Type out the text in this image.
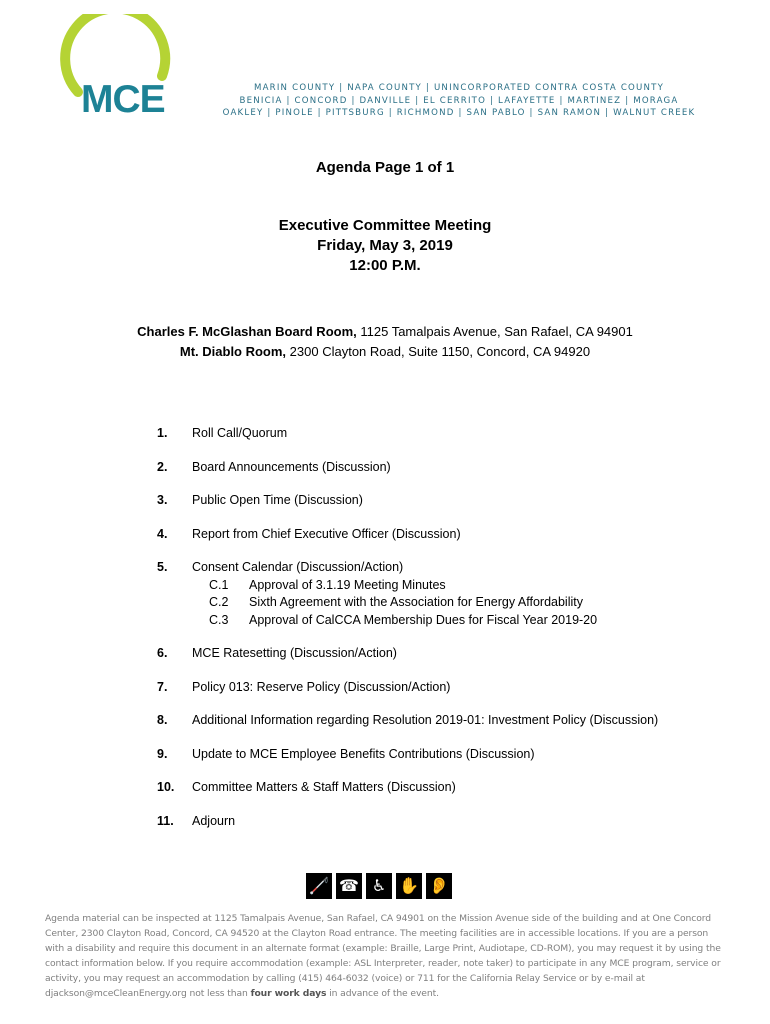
MCE	MARIN COUNTY | NAPA COUNTY | UNINCORPORATED CONTRA COSTA COUNTY
BENICIA | CONCORD | DANVILLE | EL CERRITO | LAFAYETTE | MARTINEZ | MORAGA
OAKLEY | PINOLE | PITTSBURG | RICHMOND | SAN PABLO | SAN RAMON | WALNUT CREEK
Agenda Page 1 of 1
Executive Committee Meeting
Friday, May 3, 2019
12:00 P.M.
Charles F. McGlashan Board Room, 1125 Tamalpais Avenue, San Rafael, CA 94901
Mt. Diablo Room, 2300 Clayton Road, Suite 1150, Concord, CA 94920
1.	Roll Call/Quorum
2.	Board Announcements (Discussion)
3.	Public Open Time (Discussion)
4.	Report from Chief Executive Officer (Discussion)
5.	Consent Calendar (Discussion/Action)
C.1	Approval of 3.1.19 Meeting Minutes
C.2	Sixth Agreement with the Association for Energy Affordability
C.3	Approval of CalCCA Membership Dues for Fiscal Year 2019-20
6.	MCE Ratesetting (Discussion/Action)
7.	Policy 013: Reserve Policy (Discussion/Action)
8.	Additional Information regarding Resolution 2019-01: Investment Policy (Discussion)
9.	Update to MCE Employee Benefits Contributions (Discussion)
10.	Committee Matters & Staff Matters (Discussion)
11.	Adjourn
🦯 ☎ ♿ ✋ 👂
Agenda material can be inspected at 1125 Tamalpais Avenue, San Rafael, CA 94901 on the Mission Avenue side of the building and at One Concord Center, 2300 Clayton Road, Concord, CA 94520 at the Clayton Road entrance. The meeting facilities are in accessible locations. If you are a person with a disability and require this document in an alternate format (example: Braille, Large Print, Audiotape, CD-ROM), you may request it by using the contact information below. If you require accommodation (example: ASL Interpreter, reader, note taker) to participate in any MCE program, service or activity, you may request an accommodation by calling (415) 464-6032 (voice) or 711 for the California Relay Service or by e-mail at djackson@mceCleanEnergy.org not less than four work days in advance of the event.
